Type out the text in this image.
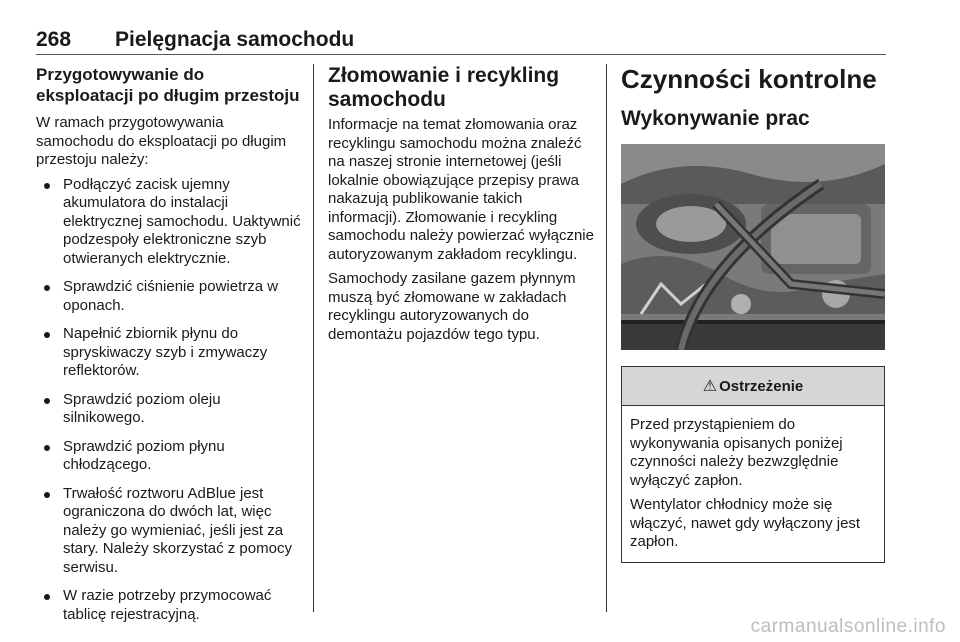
268 Pielęgnacja samochodu
Przygotowywanie do eksploatacji po długim przestoju

W ramach przygotowywania samochodu do eksploatacji po długim przestoju należy:

Podłączyć zacisk ujemny akumulatora do instalacji elektrycznej samochodu. Uaktywnić podzespoły elektroniczne szyb otwieranych elektrycznie.
Sprawdzić ciśnienie powietrza w oponach.
Napełnić zbiornik płynu do spryskiwaczy szyb i zmywaczy reflektorów.
Sprawdzić poziom oleju silnikowego.
Sprawdzić poziom płynu chłodzącego.
Trwałość roztworu AdBlue jest ograniczona do dwóch lat, więc należy go wymieniać, jeśli jest za stary. Należy skorzystać z pomocy serwisu.
W razie potrzeby przymocować tablicę rejestracyjną.
Złomowanie i recykling samochodu

Informacje na temat złomowania oraz recyklingu samochodu można znaleźć na naszej stronie internetowej (jeśli lokalnie obowiązujące przepisy prawa nakazują publikowanie takich informacji). Złomowanie i recykling samochodu należy powierzać wyłącznie autoryzowanym zakładom recyklingu.

Samochody zasilane gazem płynnym muszą być złomowane w zakładach recyklingu autoryzowanych do demontażu pojazdów tego typu.

Czynności kontrolne
Wykonywanie prac
⚠ Ostrzeżenie

Przed przystąpieniem do wykonywania opisanych poniżej czynności należy bezwzględnie wyłączyć zapłon.

Wentylator chłodnicy może się włączyć, nawet gdy wyłączony jest zapłon.

carmanualsonline.info
